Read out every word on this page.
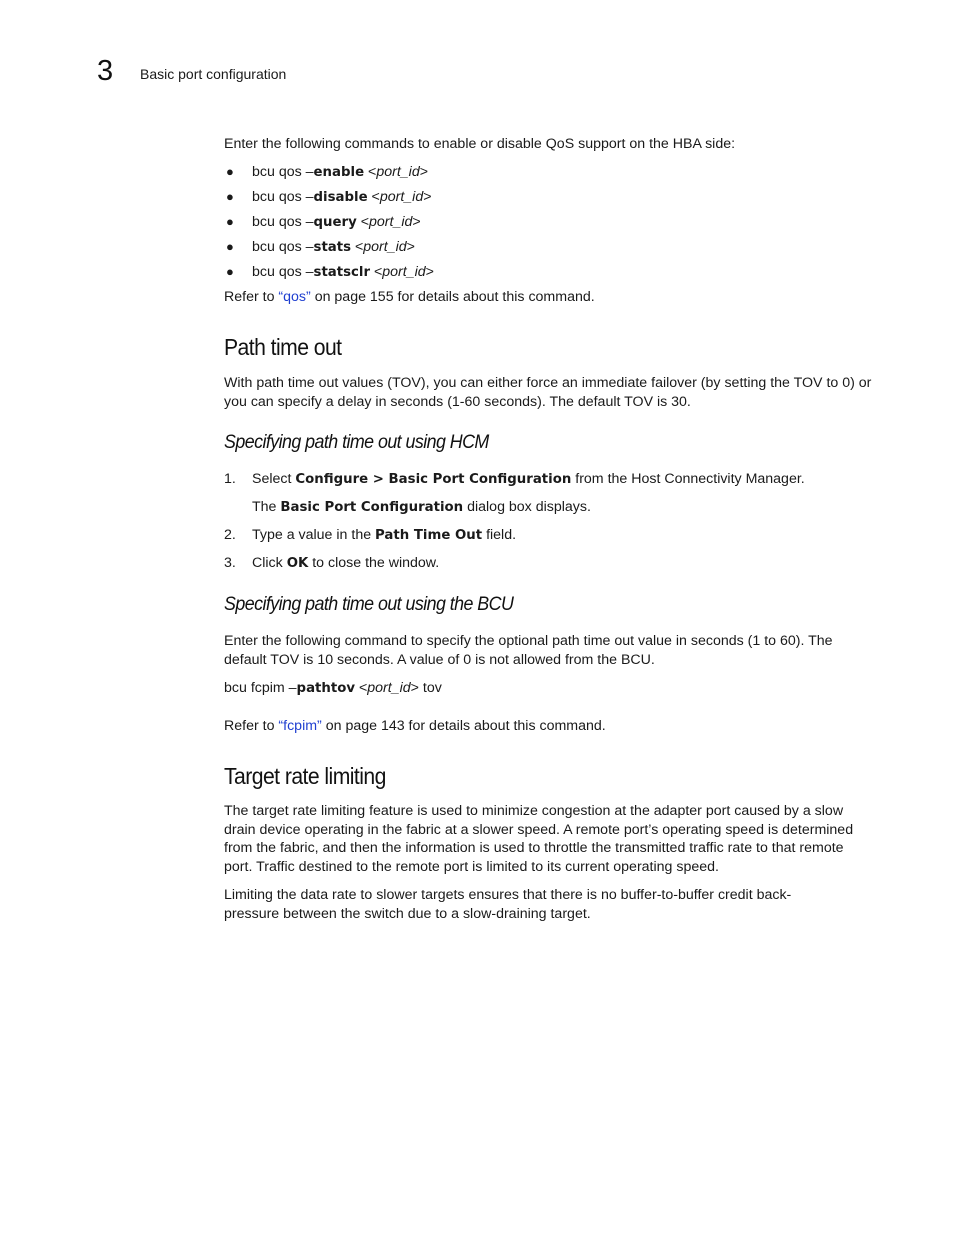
3 Basic port configuration
Enter the following commands to enable or disable QoS support on the HBA side:
● bcu qos –enable <port_id>
● bcu qos –disable <port_id>
● bcu qos –query <port_id>
● bcu qos –stats <port_id>
● bcu qos –statsclr <port_id>
Refer to “qos” on page 155 for details about this command.
Path time out
With path time out values (TOV), you can either force an immediate failover (by setting the TOV to 0) or you can specify a delay in seconds (1-60 seconds). The default TOV is 30.
Specifying path time out using HCM
1. Select Configure > Basic Port Configuration from the Host Connectivity Manager.
The Basic Port Configuration dialog box displays.
2. Type a value in the Path Time Out field.
3. Click OK to close the window.
Specifying path time out using the BCU
Enter the following command to specify the optional path time out value in seconds (1 to 60). The default TOV is 10 seconds. A value of 0 is not allowed from the BCU.
bcu fcpim –pathtov <port_id> tov
Refer to “fcpim” on page 143 for details about this command.
Target rate limiting
The target rate limiting feature is used to minimize congestion at the adapter port caused by a slow drain device operating in the fabric at a slower speed. A remote port’s operating speed is determined from the fabric, and then the information is used to throttle the transmitted traffic rate to that remote port. Traffic destined to the remote port is limited to its current operating speed.
Limiting the data rate to slower targets ensures that there is no buffer-to-buffer credit back-pressure between the switch due to a slow-draining target.
